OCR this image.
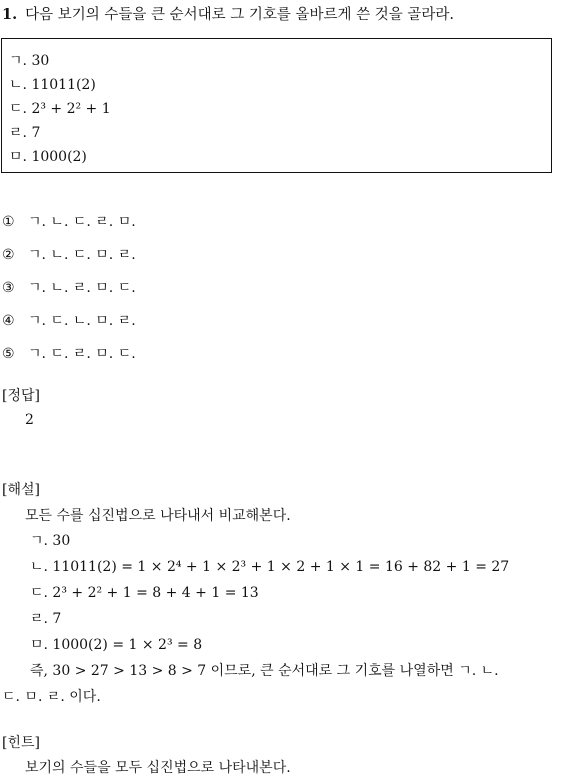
1. 다음 보기의 수들을 큰 순서대로 그 기호를 올바르게 쓴 것을 골라라.
ㄱ. 30
ㄴ. 11011(2)
ㄷ. 2³ + 2² + 1
ㄹ. 7
ㅁ. 1000(2)
① ㄱ. ㄴ. ㄷ. ㄹ. ㅁ.
② ㄱ. ㄴ. ㄷ. ㅁ. ㄹ.
③ ㄱ. ㄴ. ㄹ. ㅁ. ㄷ.
④ ㄱ. ㄷ. ㄴ. ㅁ. ㄹ.
⑤ ㄱ. ㄷ. ㄹ. ㅁ. ㄷ.
[정답]
2
[해설]
모든 수를 십진법으로 나타내서 비교해본다.
ㄱ. 30
ㄴ. 11011(2) = 1 × 2⁴ + 1 × 2³ + 1 × 2 + 1 × 1 = 16 + 82 + 1 = 27
ㄷ. 2³ + 2² + 1 = 8 + 4 + 1 = 13
ㄹ. 7
ㅁ. 1000(2) = 1 × 2³ = 8
즉, 30 > 27 > 13 > 8 > 7 이므로, 큰 순서대로 그 기호를 나열하면 ㄱ. ㄴ.
ㄷ. ㅁ. ㄹ. 이다.
[힌트]
보기의 수들을 모두 십진법으로 나타내본다.
